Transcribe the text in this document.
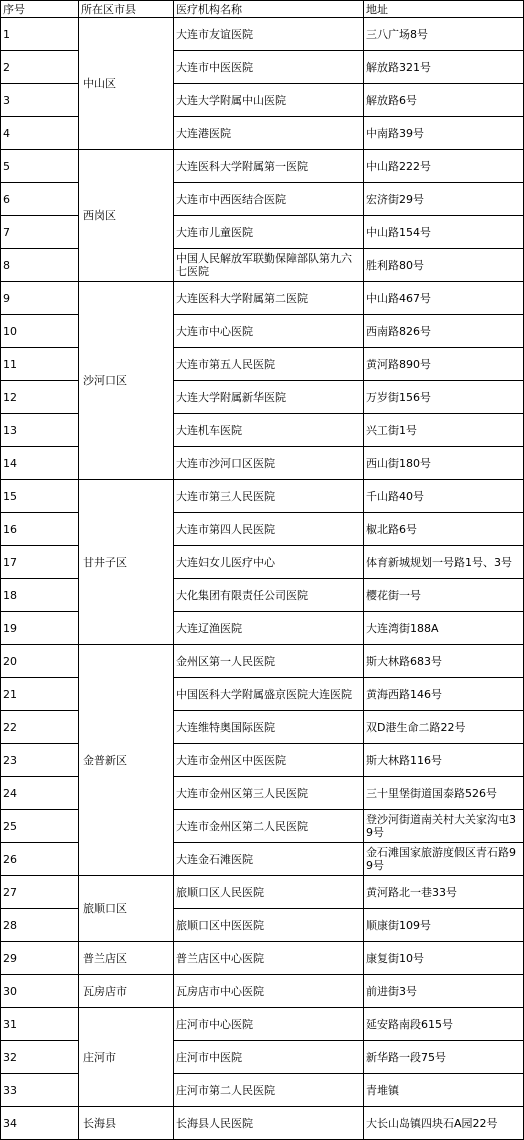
序号	所在区市县	医疗机构名称	地址
1	中山区	大连市友谊医院	三八广场8号
2		大连市中医医院	解放路321号
3		大连大学附属中山医院	解放路6号
4		大连港医院	中南路39号
5	西岗区	大连医科大学附属第一医院	中山路222号
6		大连市中西医结合医院	宏济街29号
7		大连市儿童医院	中山路154号
8		中国人民解放军联勤保障部队第九六七医院	胜利路80号
9	沙河口区	大连医科大学附属第二医院	中山路467号
10		大连市中心医院	西南路826号
11		大连市第五人民医院	黄河路890号
12		大连大学附属新华医院	万岁街156号
13		大连机车医院	兴工街1号
14		大连市沙河口区医院	西山街180号
15	甘井子区	大连市第三人民医院	千山路40号
16		大连市第四人民医院	椒北路6号
17		大连妇女儿医疗中心	体育新城规划一号路1号、3号
18		大化集团有限责任公司医院	樱花街一号
19		大连辽渔医院	大连湾街188A
20	金普新区	金州区第一人民医院	斯大林路683号
21		中国医科大学附属盛京医院大连医院	黄海西路146号
22		大连维特奥国际医院	双D港生命二路22号
23		大连市金州区中医医院	斯大林路116号
24		大连市金州区第三人民医院	三十里堡街道国泰路526号
25		大连市金州区第二人民医院	登沙河街道南关村大关家沟屯39号
26		大连金石滩医院	金石滩国家旅游度假区青石路99号
27	旅顺口区	旅顺口区人民医院	黄河路北一巷33号
28		旅顺口区中医医院	顺康街109号
29	普兰店区	普兰店区中心医院	康复街10号
30	瓦房店市	瓦房店市中心医院	前进街3号
31	庄河市	庄河市中心医院	延安路南段615号
32		庄河市中医院	新华路一段75号
33		庄河市第二人民医院	青堆镇
34	长海县	长海县人民医院	大长山岛镇四块石A园22号
